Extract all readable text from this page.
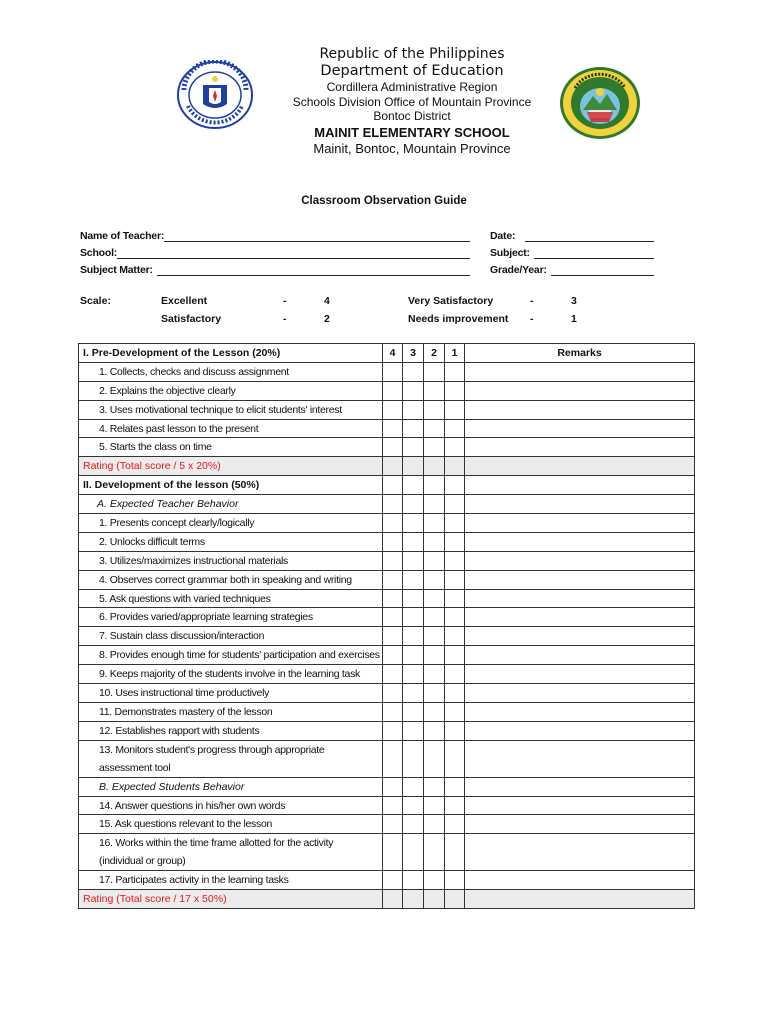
Republic of the Philippines
Department of Education
Cordillera Administrative Region
Schools Division Office of Mountain Province
Bontoc District
MAINIT ELEMENTARY SCHOOL
Mainit, Bontoc, Mountain Province
Classroom Observation Guide
Name of Teacher:
School:
Subject Matter:
Date:
Subject:
Grade/Year:
Scale:	Excellent	-	4	Very Satisfactory	-	3
Satisfactory	-	2	Needs improvement -	1
I. Pre-Development of the Lesson (20%)	4	3	2	1	Remarks
1. Collects, checks and discuss assignment					
2. Explains the objective clearly					
3. Uses motivational technique to elicit students' interest					
4. Relates past lesson to the present					
5. Starts the class on time					
Rating (Total score / 5 x 20%)					
II. Development of the lesson (50%)					
A. Expected Teacher Behavior					
1. Presents concept clearly/logically					
2. Unlocks difficult terms					
3. Utilizes/maximizes instructional materials					
4. Observes correct grammar both in speaking and writing					
5. Ask questions with varied techniques					
6. Provides varied/appropriate learning strategies					
7. Sustain class discussion/interaction					
8. Provides enough time for students' participation and exercises					
9. Keeps majority of the students involve in the learning task					
10. Uses instructional time productively					
11. Demonstrates mastery of the lesson					
12. Establishes rapport with students					
13. Monitors student's progress through appropriate assessment tool					
B. Expected Students Behavior					
14. Answer questions in his/her own words					
15. Ask questions relevant to the lesson					
16. Works within the time frame allotted for the activity (individual or group)					
17. Participates activity in the learning tasks					
Rating (Total score / 17 x 50%)					
